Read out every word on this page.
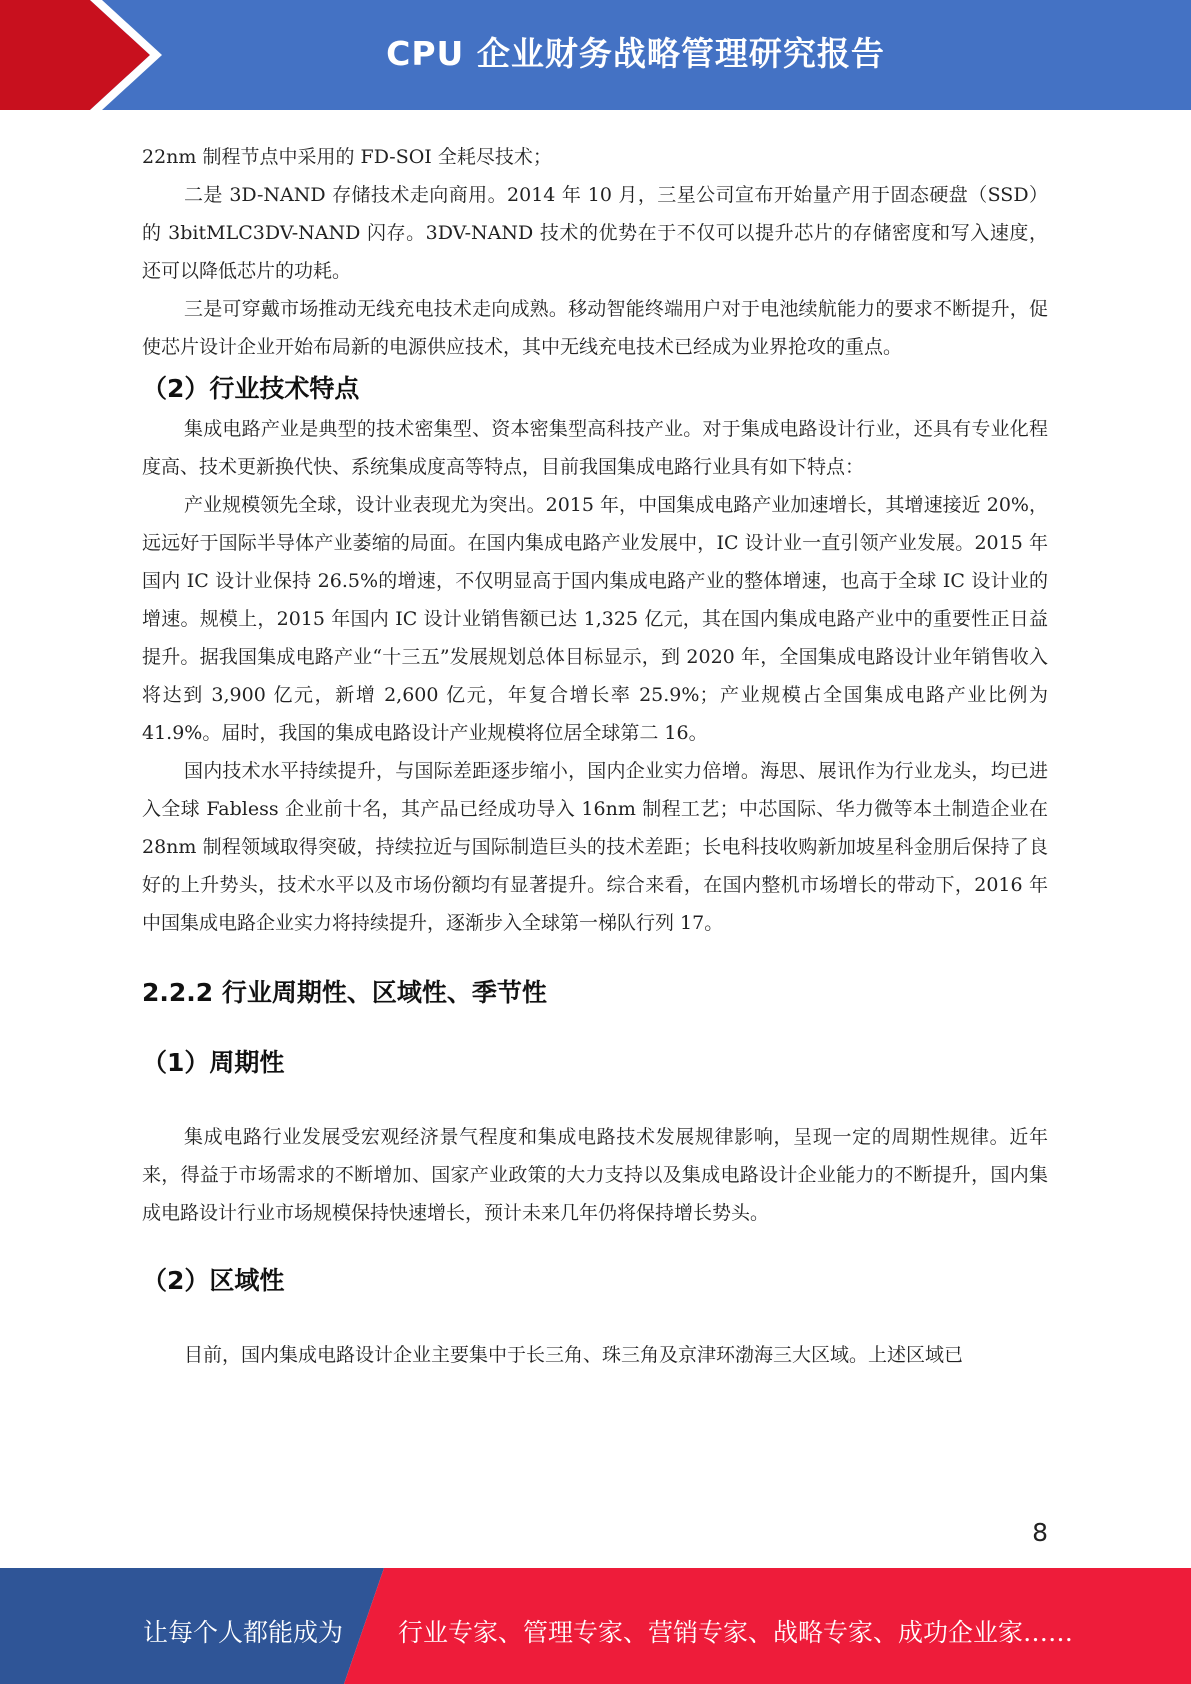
CPU 企业财务战略管理研究报告

22nm 制程节点中采用的 FD-SOI 全耗尽技术；

二是 3D-NAND 存储技术走向商用。2014 年 10 月，三星公司宣布开始量产用于固态硬盘（SSD）的 3bitMLC3DV-NAND 闪存。3DV-NAND 技术的优势在于不仅可以提升芯片的存储密度和写入速度，还可以降低芯片的功耗。

三是可穿戴市场推动无线充电技术走向成熟。移动智能终端用户对于电池续航能力的要求不断提升，促使芯片设计企业开始布局新的电源供应技术，其中无线充电技术已经成为业界抢攻的重点。

（2）行业技术特点

集成电路产业是典型的技术密集型、资本密集型高科技产业。对于集成电路设计行业，还具有专业化程度高、技术更新换代快、系统集成度高等特点，目前我国集成电路行业具有如下特点：

产业规模领先全球，设计业表现尤为突出。2015 年，中国集成电路产业加速增长，其增速接近 20%，远远好于国际半导体产业萎缩的局面。在国内集成电路产业发展中，IC 设计业一直引领产业发展。2015 年国内 IC 设计业保持 26.5%的增速，不仅明显高于国内集成电路产业的整体增速，也高于全球 IC 设计业的增速。规模上，2015 年国内 IC 设计业销售额已达 1,325 亿元，其在国内集成电路产业中的重要性正日益提升。据我国集成电路产业“十三五”发展规划总体目标显示，到 2020 年，全国集成电路设计业年销售收入将达到 3,900 亿元，新增 2,600 亿元，年复合增长率 25.9%；产业规模占全国集成电路产业比例为 41.9%。届时，我国的集成电路设计产业规模将位居全球第二 16。

国内技术水平持续提升，与国际差距逐步缩小，国内企业实力倍增。海思、展讯作为行业龙头，均已进入全球 Fabless 企业前十名，其产品已经成功导入 16nm 制程工艺；中芯国际、华力微等本土制造企业在 28nm 制程领域取得突破，持续拉近与国际制造巨头的技术差距；长电科技收购新加坡星科金朋后保持了良好的上升势头，技术水平以及市场份额均有显著提升。综合来看，在国内整机市场增长的带动下，2016 年中国集成电路企业实力将持续提升，逐渐步入全球第一梯队行列 17。

2.2.2 行业周期性、区域性、季节性
（1）周期性

集成电路行业发展受宏观经济景气程度和集成电路技术发展规律影响，呈现一定的周期性规律。近年来，得益于市场需求的不断增加、国家产业政策的大力支持以及集成电路设计企业能力的不断提升，国内集成电路设计行业市场规模保持快速增长，预计未来几年仍将保持增长势头。

（2）区域性

目前，国内集成电路设计企业主要集中于长三角、珠三角及京津环渤海三大区域。上述区域已

8
让每个人都能成为 行业专家、管理专家、营销专家、战略专家、成功企业家……
